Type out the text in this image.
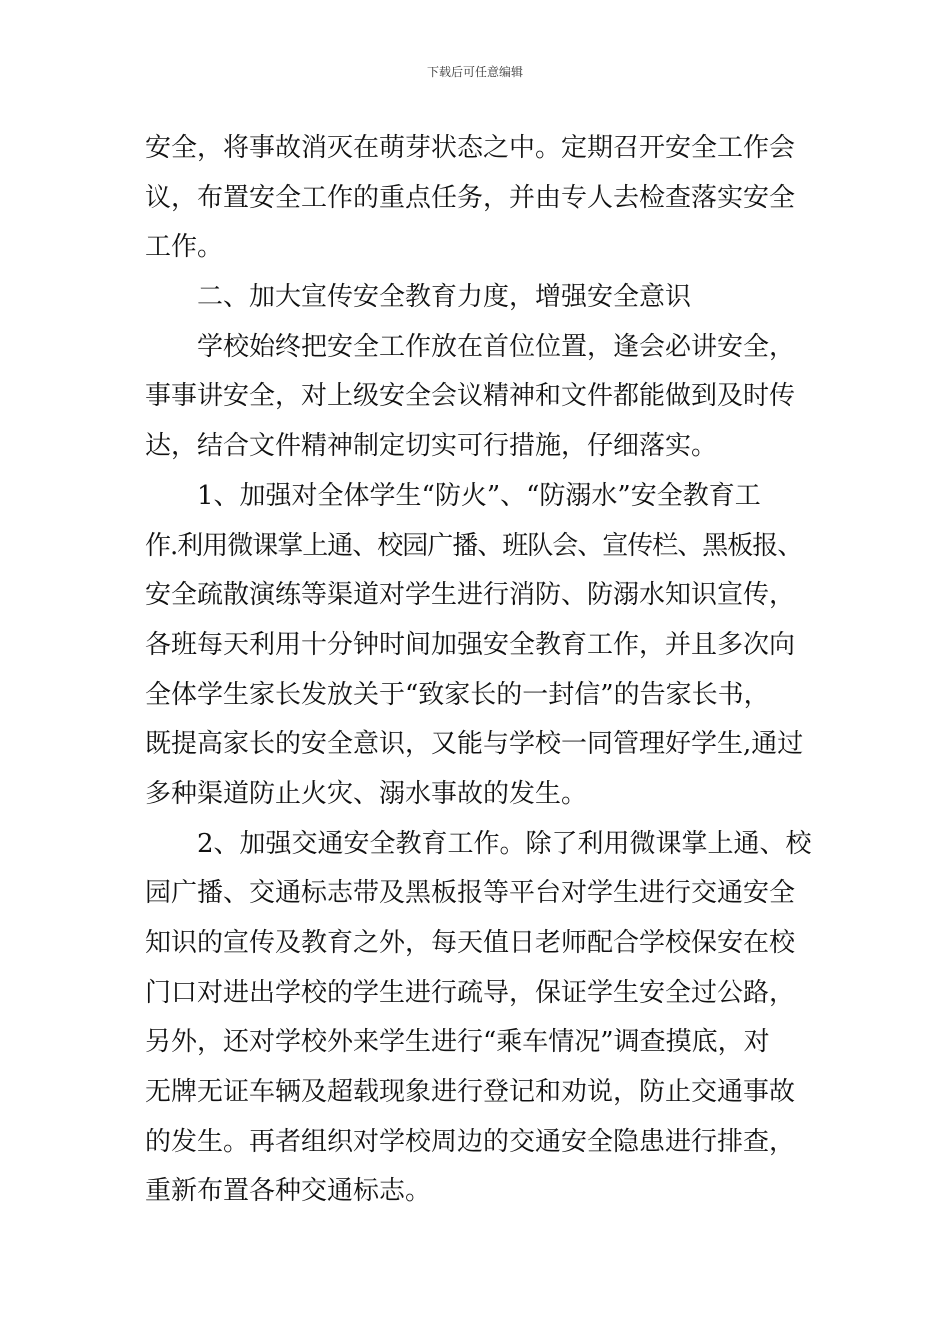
下载后可任意编辑
安全，将事故消灭在萌芽状态之中。定期召开安全工作会
议，布置安全工作的重点任务，并由专人去检查落实安全
工作。
二、加大宣传安全教育力度，增强安全意识
学校始终把安全工作放在首位位置，逢会必讲安全，
事事讲安全，对上级安全会议精神和文件都能做到及时传
达，结合文件精神制定切实可行措施，仔细落实。
1、加强对全体学生“防火”、“防溺水”安全教育工
作.利用微课掌上通、校园广播、班队会、宣传栏、黑板报、
安全疏散演练等渠道对学生进行消防、防溺水知识宣传，
各班每天利用十分钟时间加强安全教育工作，并且多次向
全体学生家长发放关于“致家长的一封信”的告家长书，
既提高家长的安全意识，又能与学校一同管理好学生,通过
多种渠道防止火灾、溺水事故的发生。
2、加强交通安全教育工作。除了利用微课掌上通、校
园广播、交通标志带及黑板报等平台对学生进行交通安全
知识的宣传及教育之外，每天值日老师配合学校保安在校
门口对进出学校的学生进行疏导，保证学生安全过公路，
另外，还对学校外来学生进行“乘车情况”调查摸底，对
无牌无证车辆及超载现象进行登记和劝说，防止交通事故
的发生。再者组织对学校周边的交通安全隐患进行排查，
重新布置各种交通标志。
